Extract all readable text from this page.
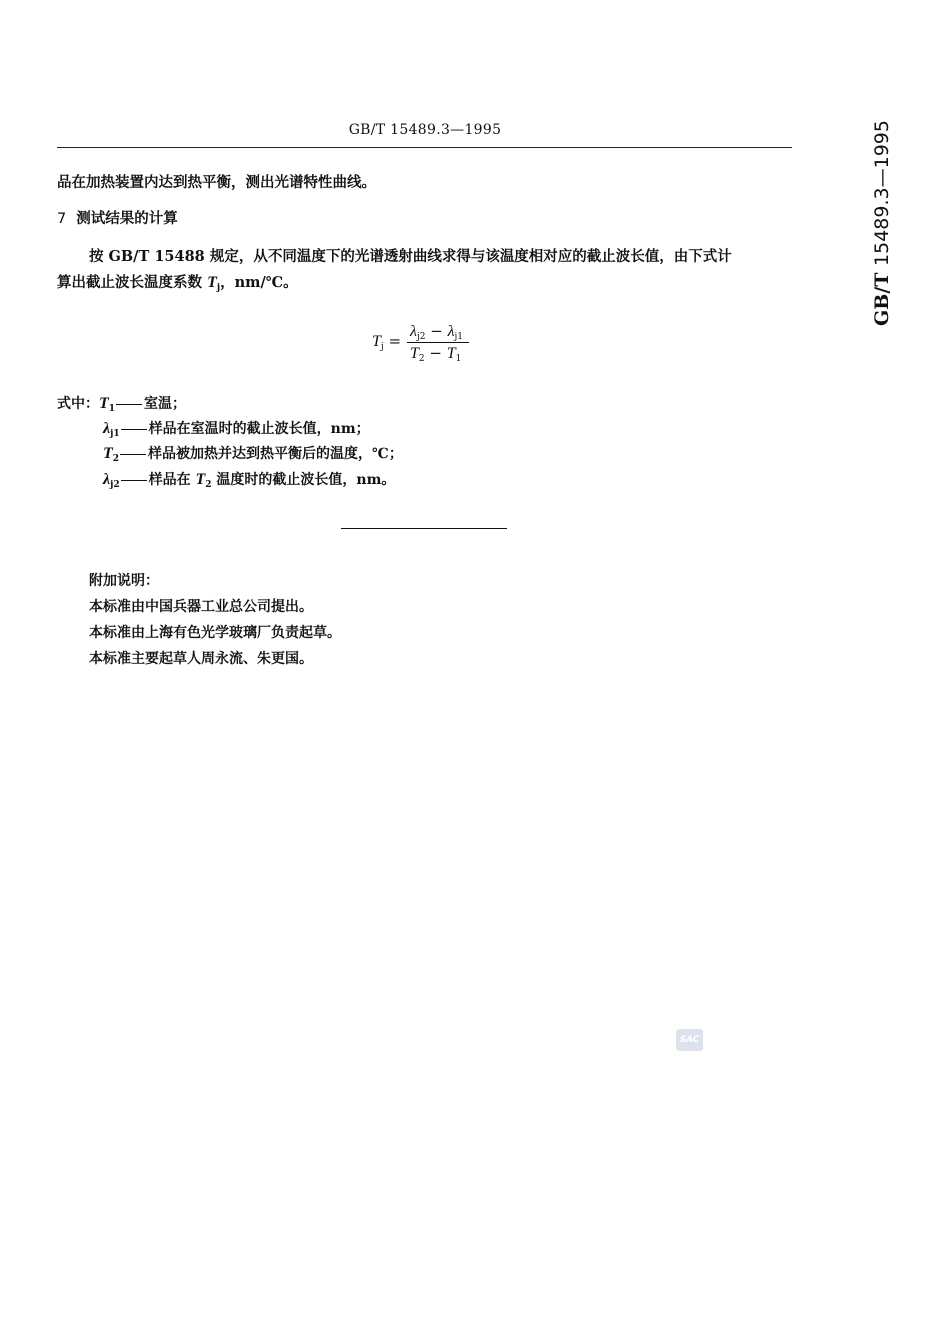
GB/T 15489.3—1995
GB/T 15489.3—1995
品在加热装置内达到热平衡，测出光谱特性曲线。
7 测试结果的计算
按 GB/T 15488 规定，从不同温度下的光谱透射曲线求得与该温度相对应的截止波长值，由下式计
算出截止波长温度系数 $T_j$，nm/℃。
$T_j$ =
$\lambda_{j2} - \lambda_{j1}$
$T_2 - T_1$
式中：$T_1$ 室温；
$\lambda_{j1}$ 样品在室温时的截止波长值，nm；
$T_2$ 样品被加热并达到热平衡后的温度，℃；
$\lambda_{j2}$ 样品在 $T_2$ 温度时的截止波长值，nm。
附加说明：
本标准由中国兵器工业总公司提出。
本标准由上海有色光学玻璃厂负责起草。
本标准主要起草人周永流、朱更国。
SAC
